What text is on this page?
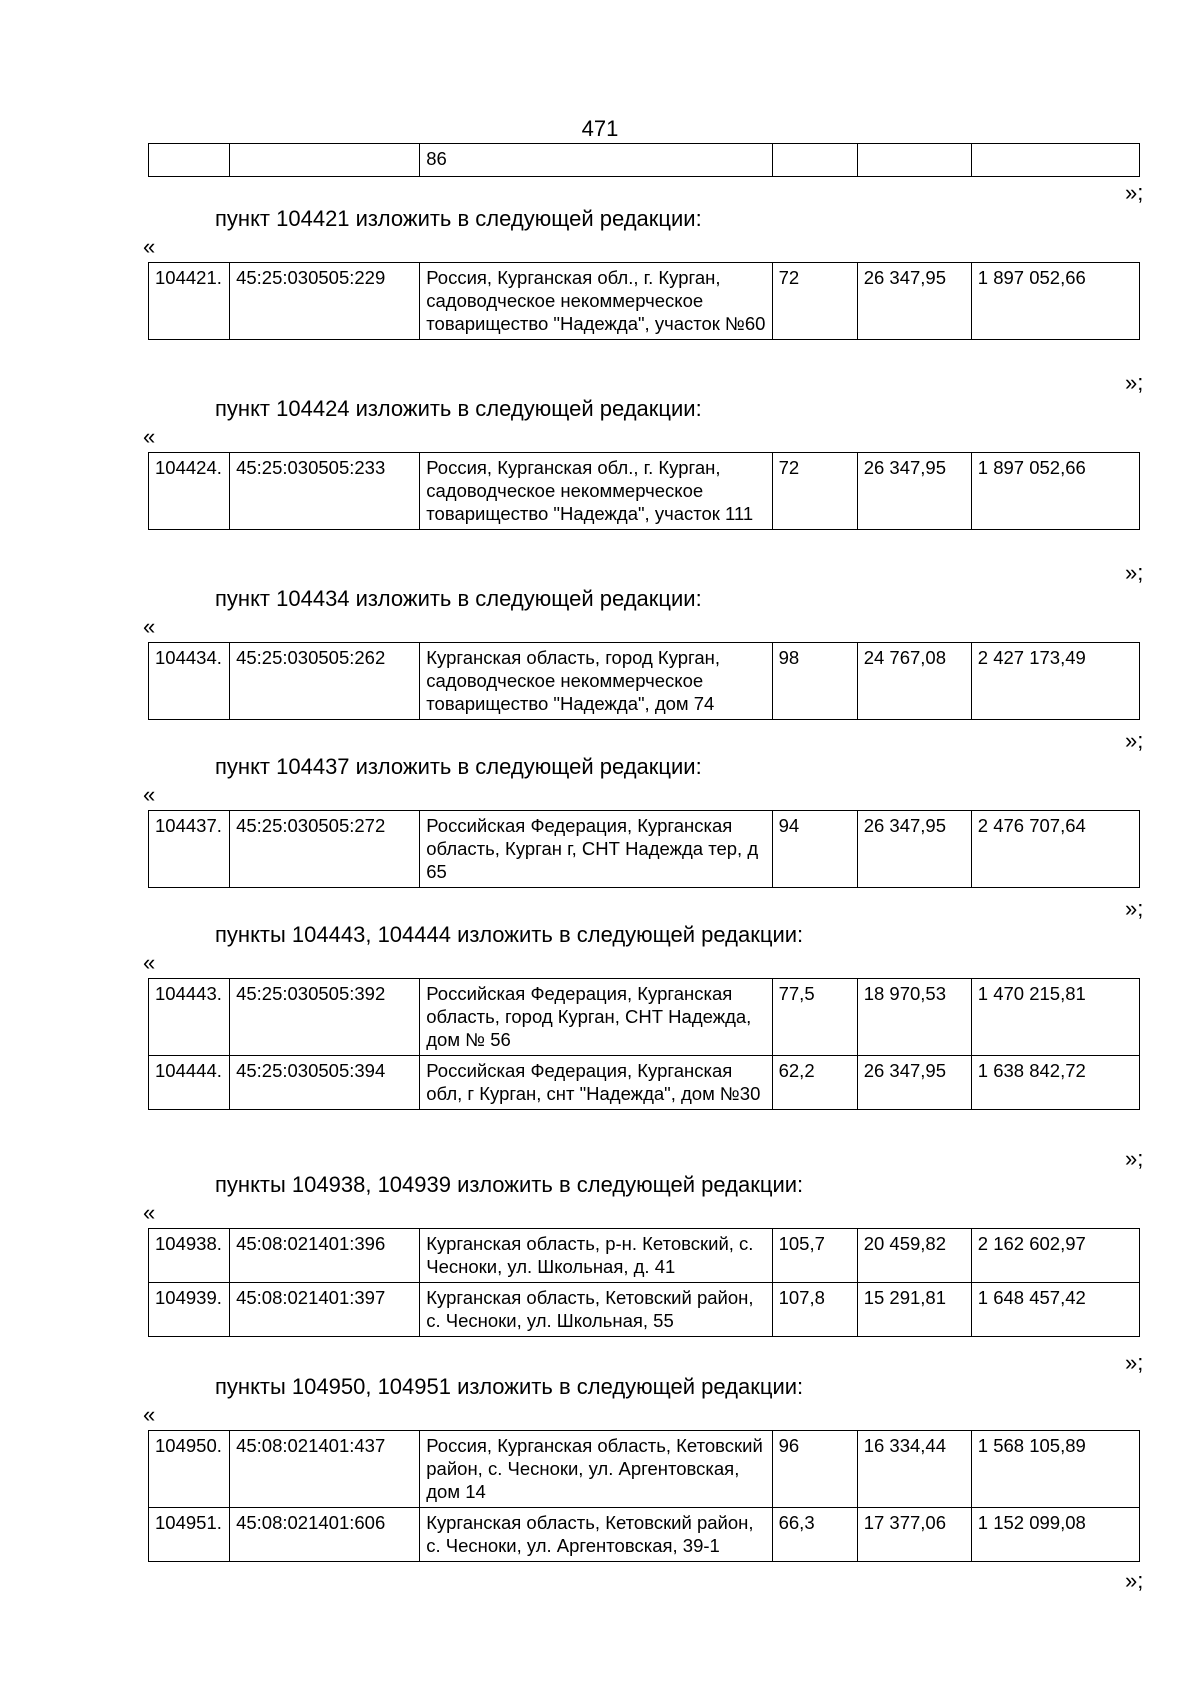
471
		86			
»;
пункт 104421 изложить в следующей редакции:
«
104421.	45:25:030505:229	Россия, Курганская обл., г. Курган, садоводческое некоммерческое товарищество "Надежда", участок №60	72	26 347,95	1 897 052,66
»;
пункт 104424 изложить в следующей редакции:
«
104424.	45:25:030505:233	Россия, Курганская обл., г. Курган, садоводческое некоммерческое товарищество "Надежда", участок 111	72	26 347,95	1 897 052,66
»;
пункт 104434 изложить в следующей редакции:
«
104434.	45:25:030505:262	Курганская область, город Курган, садоводческое некоммерческое товарищество "Надежда", дом 74	98	24 767,08	2 427 173,49
»;
пункт 104437 изложить в следующей редакции:
«
104437.	45:25:030505:272	Российская Федерация, Курганская область, Курган г, СНТ Надежда тер, д 65	94	26 347,95	2 476 707,64
»;
пункты 104443, 104444 изложить в следующей редакции:
«
104443.	45:25:030505:392	Российская Федерация, Курганская область, город Курган, СНТ Надежда, дом № 56	77,5	18 970,53	1 470 215,81
104444.	45:25:030505:394	Российская Федерация, Курганская обл, г Курган, снт "Надежда", дом №30	62,2	26 347,95	1 638 842,72
»;
пункты 104938, 104939 изложить в следующей редакции:
«
104938.	45:08:021401:396	Курганская область, р-н. Кетовский, с. Чесноки, ул. Школьная, д. 41	105,7	20 459,82	2 162 602,97
104939.	45:08:021401:397	Курганская область, Кетовский район, с. Чесноки, ул. Школьная, 55	107,8	15 291,81	1 648 457,42
»;
пункты 104950, 104951 изложить в следующей редакции:
«
104950.	45:08:021401:437	Россия, Курганская область, Кетовский район, с. Чесноки, ул. Аргентовская, дом 14	96	16 334,44	1 568 105,89
104951.	45:08:021401:606	Курганская область, Кетовский район, с. Чесноки, ул. Аргентовская, 39-1	66,3	17 377,06	1 152 099,08
»;
